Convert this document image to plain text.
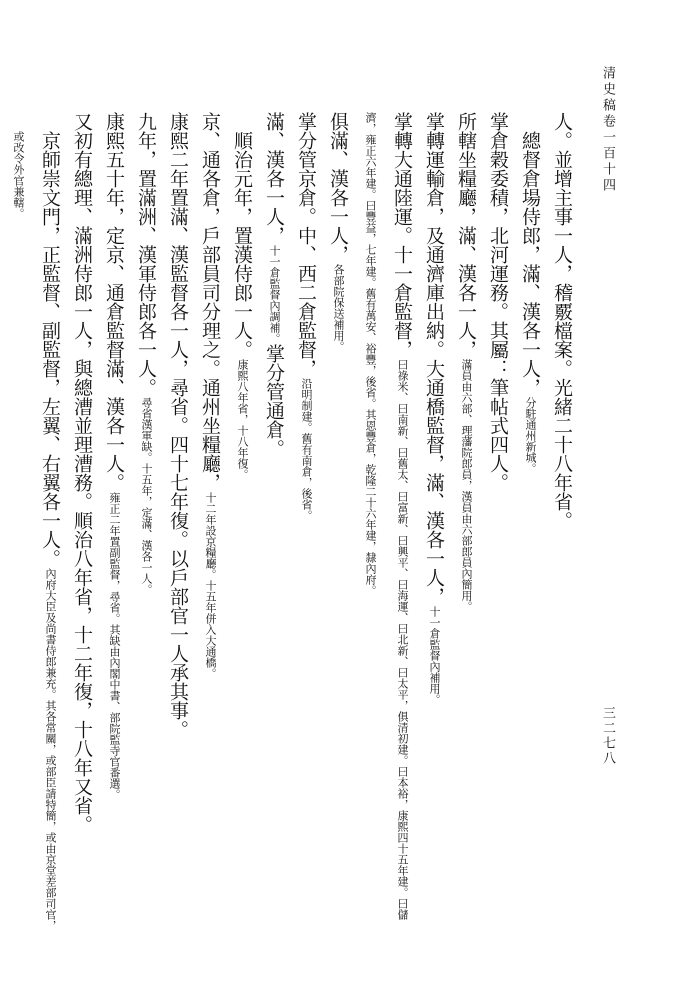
清史稿卷一百十四
三二七八
人。並增主事一人，稽覈檔案。光緒二十八年省。
總督倉場侍郎，滿、漢各一人，分駐通州新城。
掌倉穀委積，北河運務。其屬：筆帖式四人。
所轄坐糧廳，滿、漢各一人，滿員由六部、理藩院郎員，漢員由六部郎員內簡用。
掌轉運輸倉，及通濟庫出納。大通橋監督，滿、漢各一人，十一倉監督內補用。
掌轉大通陸運。十一倉監督，曰祿米、曰南新、曰舊太、曰富新、曰興平、曰海運、曰北新、曰太平，俱清初建。曰本裕，康熙四十五年建。曰儲濟，雍正六年建。曰豐益，七年建。舊有萬安、裕豐，後省。其恩豐倉，乾隆二十六年建，隸內府。
俱滿、漢各一人，各部院保送補用。
掌分管京倉。中、西二倉監督，沿明制建。舊有南倉，後省。
滿、漢各一人，十一倉監督內調補。掌分管通倉。
順治元年，置漢侍郎一人。康熙八年省，十八年復。
京、通各倉，戶部員司分理之。通州坐糧廳，十二年設京糧廳。十五年併入大通橋。
康熙二年置滿、漢監督各一人，尋省。四十七年復。以戶部官一人承其事。
九年，置滿洲、漢軍侍郎各一人。尋省漢軍缺。十五年，定滿、漢各一人。
康熙五十年，定京、通倉監督滿、漢各一人。雍正二年置副監督，尋省。其缺由內閣中書、部院監寺官番選。
又初有總理、滿洲侍郎一人，與總漕並理漕務。順治八年省，十二年復，十八年又省。
京師崇文門，正監督、副監督，左翼、右翼各一人。內府大臣及尚書侍郎兼充。其各常關，或部臣請特簡，或由京堂差部司官，或改令外官兼轄。
